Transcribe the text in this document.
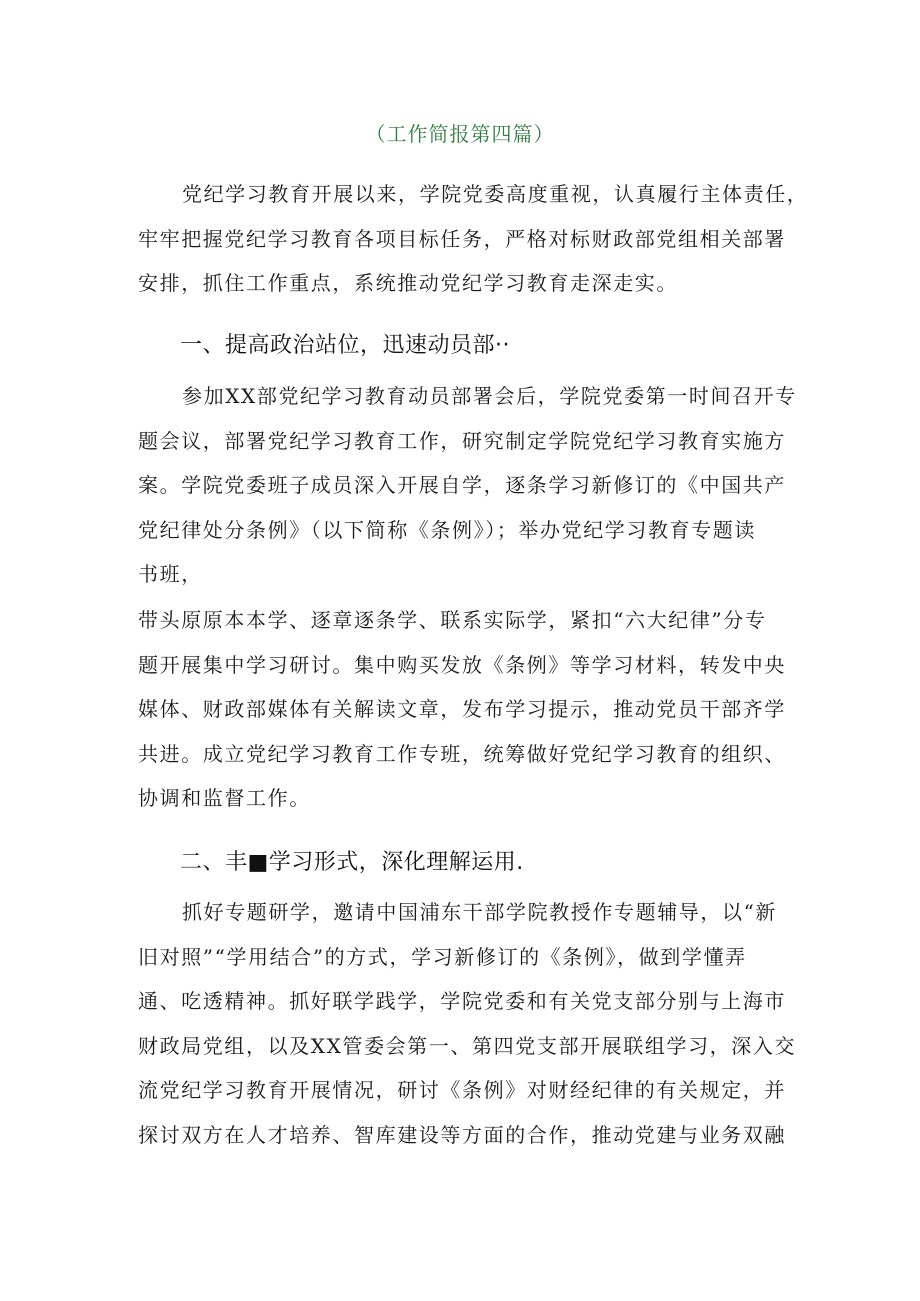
（工作简报第四篇）
党纪学习教育开展以来，学院党委高度重视，认真履行主体责任，
牢牢把握党纪学习教育各项目标任务，严格对标财政部党组相关部署
安排，抓住工作重点，系统推动党纪学习教育走深走实。
一、提高政治站位，迅速动员部··
参加XX部党纪学习教育动员部署会后，学院党委第一时间召开专
题会议，部署党纪学习教育工作，研究制定学院党纪学习教育实施方
案。学院党委班子成员深入开展自学，逐条学习新修订的《中国共产
党纪律处分条例》（以下简称《条例》）；举办党纪学习教育专题读
书班，
带头原原本本学、逐章逐条学、联系实际学，紧扣“六大纪律”分专
题开展集中学习研讨。集中购买发放《条例》等学习材料，转发中央
媒体、财政部媒体有关解读文章，发布学习提示，推动党员干部齐学
共进。成立党纪学习教育工作专班，统筹做好党纪学习教育的组织、
协调和监督工作。
二、丰■学习形式，深化理解运用.
抓好专题研学，邀请中国浦东干部学院教授作专题辅导，以“新
旧对照”“学用结合”的方式，学习新修订的《条例》，做到学懂弄
通、吃透精神。抓好联学践学，学院党委和有关党支部分别与上海市
财政局党组，以及XX管委会第一、第四党支部开展联组学习，深入交
流党纪学习教育开展情况，研讨《条例》对财经纪律的有关规定，并
探讨双方在人才培养、智库建设等方面的合作，推动党建与业务双融
